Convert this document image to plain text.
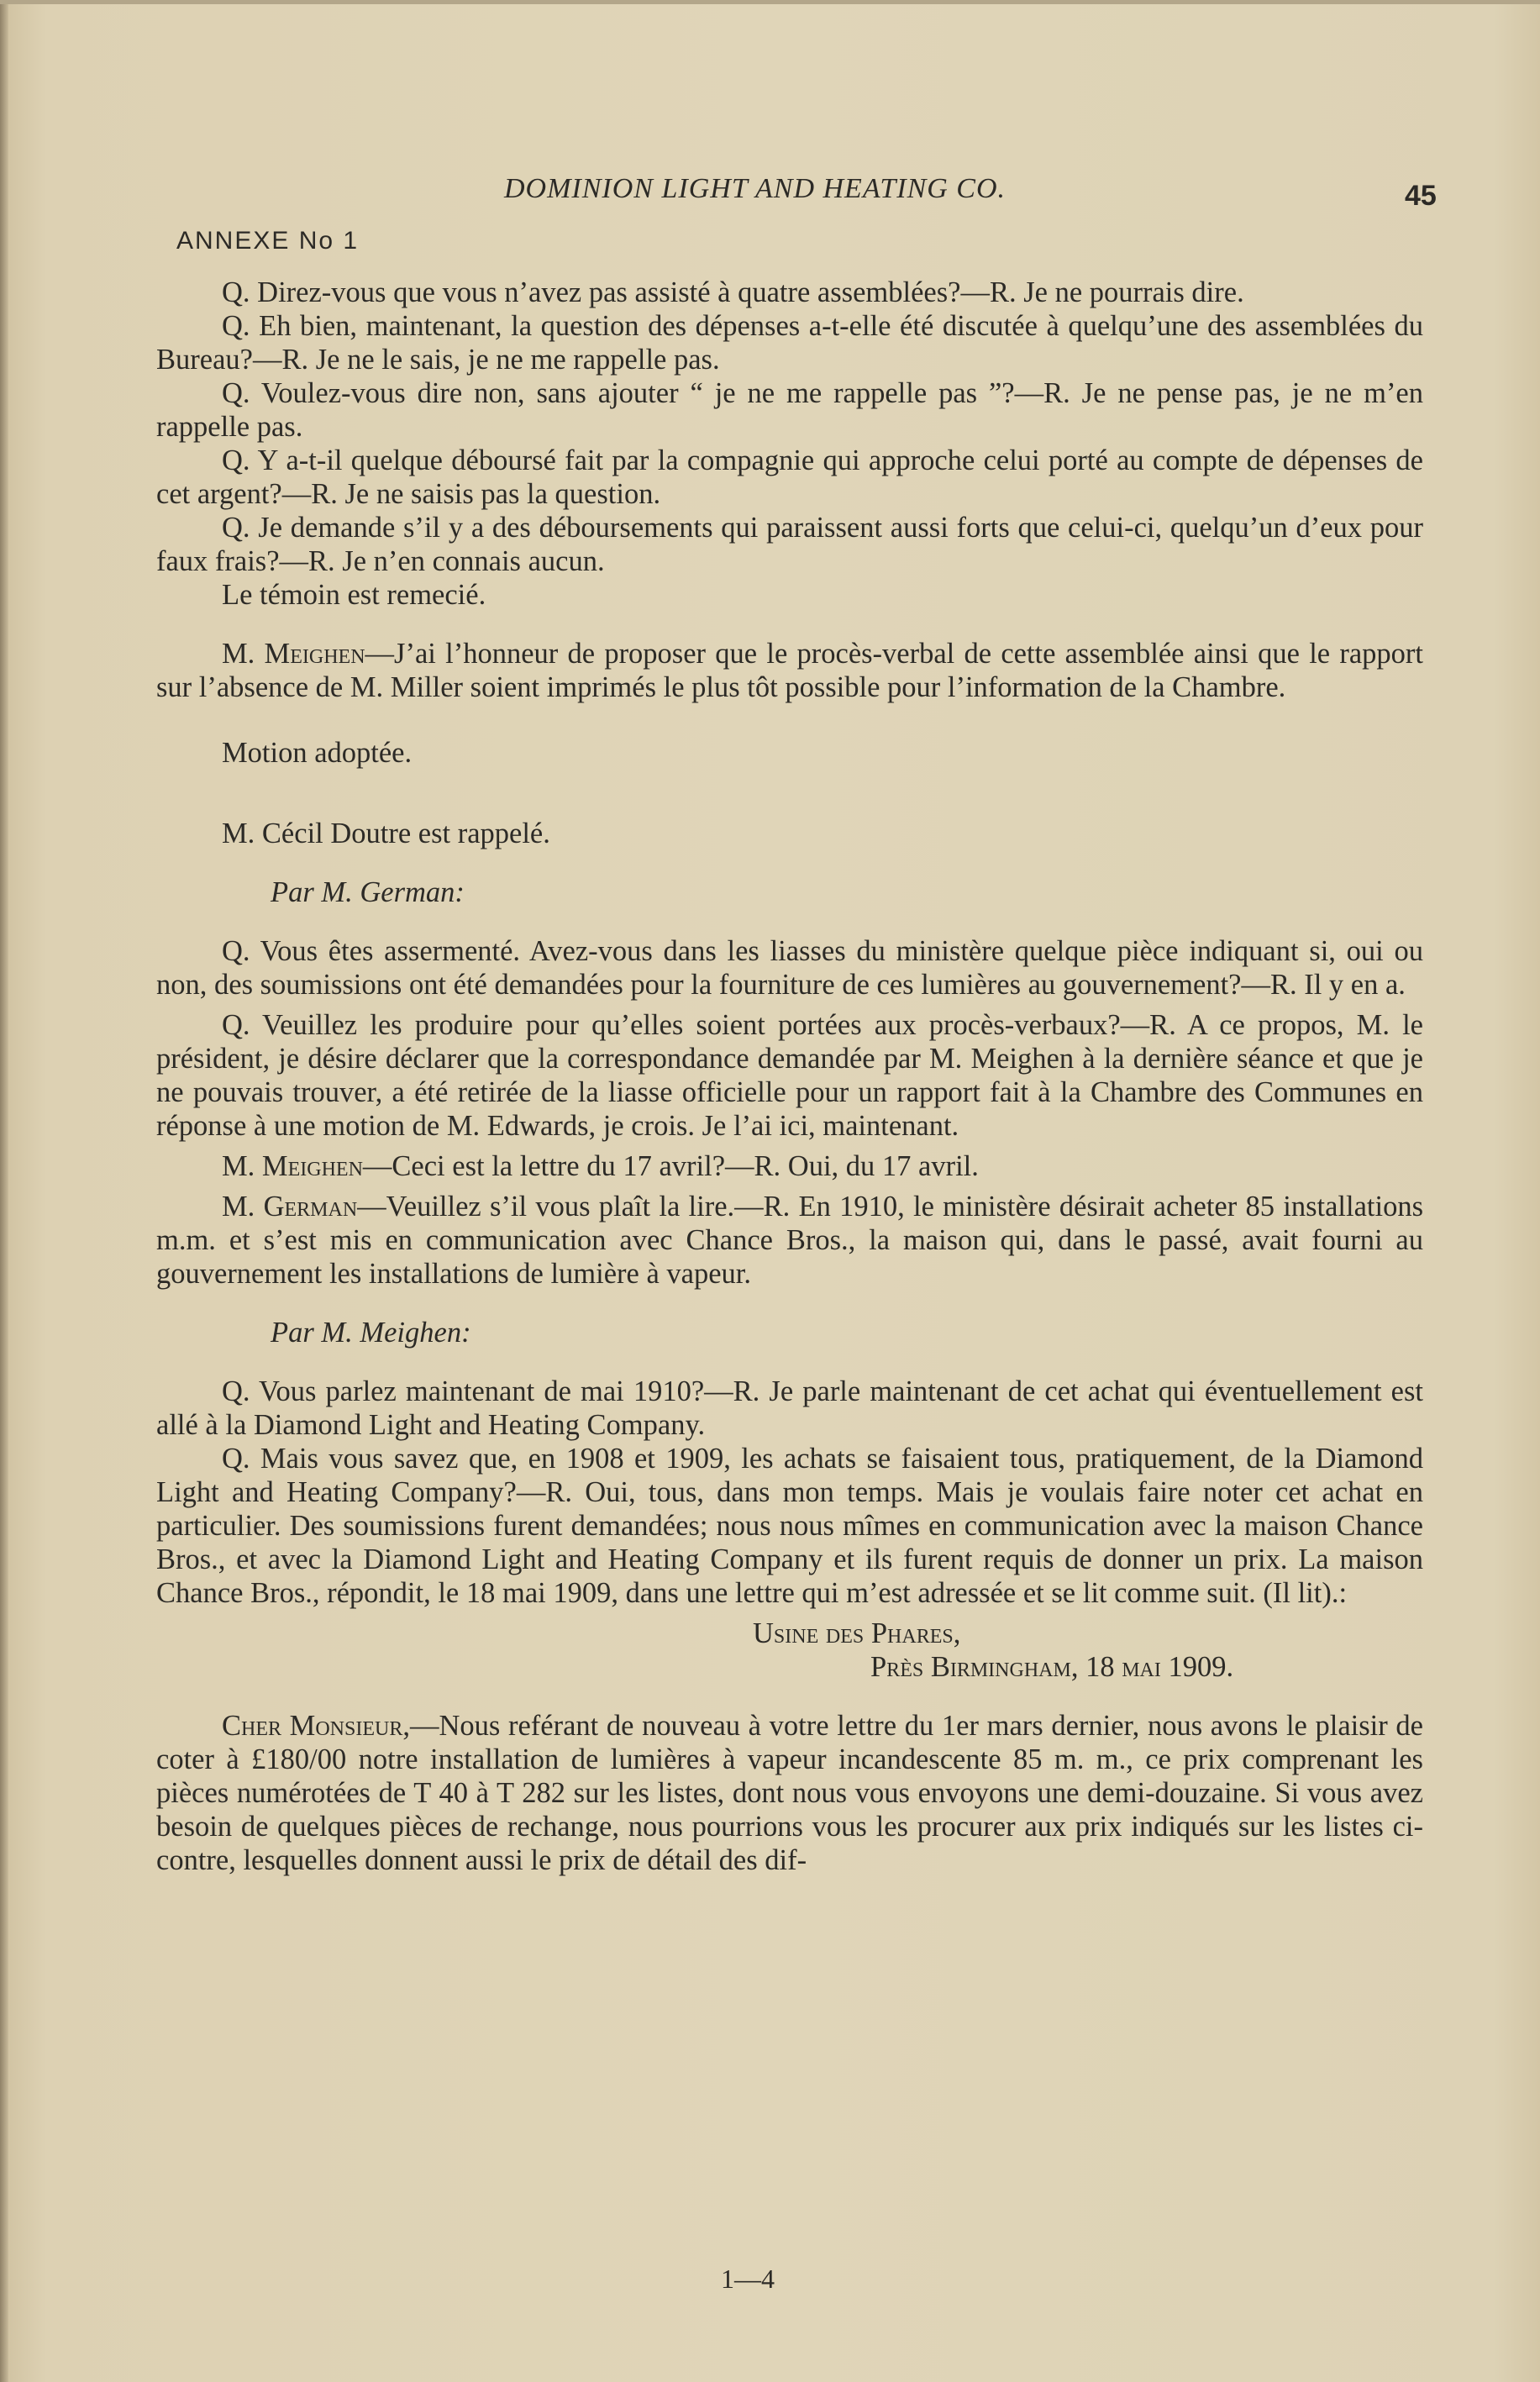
DOMINION LIGHT AND HEATING CO.	45
ANNEXE No 1

Q. Direz-vous que vous n’avez pas assisté à quatre assemblées?—R. Je ne pourrais dire.

Q. Eh bien, maintenant, la question des dépenses a-t-elle été discutée à quelqu’une des assemblées du Bureau?—R. Je ne le sais, je ne me rappelle pas.

Q. Voulez-vous dire non, sans ajouter “ je ne me rappelle pas ”?—R. Je ne pense pas, je ne m’en rappelle pas.

Q. Y a-t-il quelque déboursé fait par la compagnie qui approche celui porté au compte de dépenses de cet argent?—R. Je ne saisis pas la question.

Q. Je demande s’il y a des déboursements qui paraissent aussi forts que celui-ci, quelqu’un d’eux pour faux frais?—R. Je n’en connais aucun.

Le témoin est remecié.

M. Meighen—J’ai l’honneur de proposer que le procès-verbal de cette assemblée ainsi que le rapport sur l’absence de M. Miller soient imprimés le plus tôt possible pour l’information de la Chambre.

Motion adoptée.

M. Cécil Doutre est rappelé.

Par M. German:

Q. Vous êtes assermenté. Avez-vous dans les liasses du ministère quelque pièce indiquant si, oui ou non, des soumissions ont été demandées pour la fourniture de ces lumières au gouvernement?—R. Il y en a.

Q. Veuillez les produire pour qu’elles soient portées aux procès-verbaux?—R. A ce propos, M. le président, je désire déclarer que la correspondance demandée par M. Meighen à la dernière séance et que je ne pouvais trouver, a été retirée de la liasse officielle pour un rapport fait à la Chambre des Communes en réponse à une motion de M. Edwards, je crois. Je l’ai ici, maintenant.

M. Meighen—Ceci est la lettre du 17 avril?—R. Oui, du 17 avril.

M. German—Veuillez s’il vous plaît la lire.—R. En 1910, le ministère désirait acheter 85 installations m.m. et s’est mis en communication avec Chance Bros., la maison qui, dans le passé, avait fourni au gouvernement les installations de lumière à vapeur.

Par M. Meighen:

Q. Vous parlez maintenant de mai 1910?—R. Je parle maintenant de cet achat qui éventuellement est allé à la Diamond Light and Heating Company.

Q. Mais vous savez que, en 1908 et 1909, les achats se faisaient tous, pratiquement, de la Diamond Light and Heating Company?—R. Oui, tous, dans mon temps. Mais je voulais faire noter cet achat en particulier. Des soumissions furent demandées; nous nous mîmes en communication avec la maison Chance Bros., et avec la Diamond Light and Heating Company et ils furent requis de donner un prix. La maison Chance Bros., répondit, le 18 mai 1909, dans une lettre qui m’est adressée et se lit comme suit. (Il lit).:

Usine des Phares,

Près Birmingham, 18 mai 1909.

Cher Monsieur,—Nous reférant de nouveau à votre lettre du 1er mars dernier, nous avons le plaisir de coter à £180/00 notre installation de lumières à vapeur incandescente 85 m. m., ce prix comprenant les pièces numérotées de T 40 à T 282 sur les listes, dont nous vous envoyons une demi-douzaine. Si vous avez besoin de quelques pièces de rechange, nous pourrions vous les procurer aux prix indiqués sur les listes ci-contre, lesquelles donnent aussi le prix de détail des dif-

1—4
